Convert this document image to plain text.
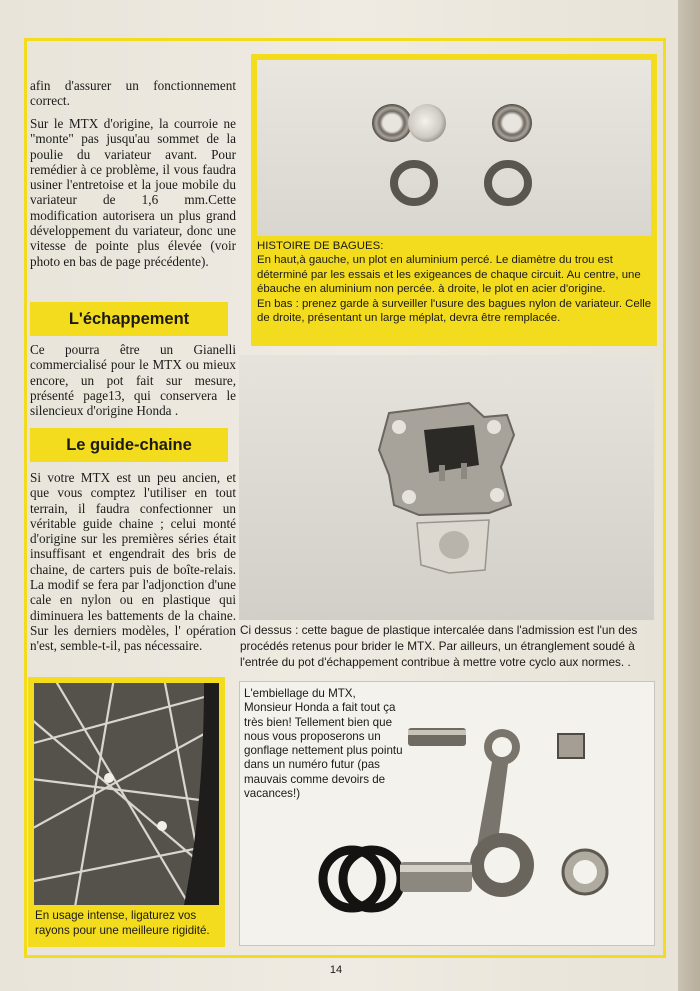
afin d'assurer un fonctionnement correct.

Sur le MTX d'origine, la courroie ne "monte" pas jusqu'au sommet de la poulie du variateur avant. Pour remédier à ce problème, il vous faudra usiner l'entretoise et la joue mobile du variateur de 1,6 mm.Cette modification autorisera un plus grand développement du variateur, donc une vitesse de pointe plus élevée (voir photo en bas de page précédente).

L'échappement

Ce pourra être un Gianelli commercialisé pour le MTX ou mieux encore, un pot fait sur mesure, présenté page13, qui conservera le silencieux d'origine Honda .

Le guide-chaine

Si votre MTX est un peu ancien, et que vous comptez l'utiliser en tout terrain, il faudra confectionner un véritable guide chaine ; celui monté d'origine sur les premières séries était insuffisant et engendrait des bris de chaine, de carters puis de boîte-relais. La modif se fera par l'adjonction d'une cale en nylon ou en plastique qui diminuera les battements de la chaine. Sur les derniers modèles, l' opération n'est, semble-t-il, pas nécessaire.

HISTOIRE DE BAGUES:
En haut,à gauche, un plot en aluminium percé. Le diamètre du trou est déterminé par les essais et les exigeances de chaque circuit. Au centre, une ébauche en aluminium non percée. à droite, le plot en acier d'origine.
En bas : prenez garde à surveiller l'usure des bagues nylon de variateur. Celle de droite, présentant un large méplat, devra être remplacée.

Ci dessus : cette bague de plastique intercalée dans l'admission est l'un des procédés retenus pour brider le MTX. Par ailleurs, un étranglement soudé à l'entrée du pot d'échappement contribue à mettre votre cyclo aux normes. .

En usage intense, ligaturez vos rayons pour une meilleure rigidité.

L'embiellage du MTX, Monsieur Honda a fait tout ça très bien! Tellement bien que nous vous proposerons un gonflage nettement plus pointu dans un numéro futur (pas mauvais comme devoirs de vacances!)

14
